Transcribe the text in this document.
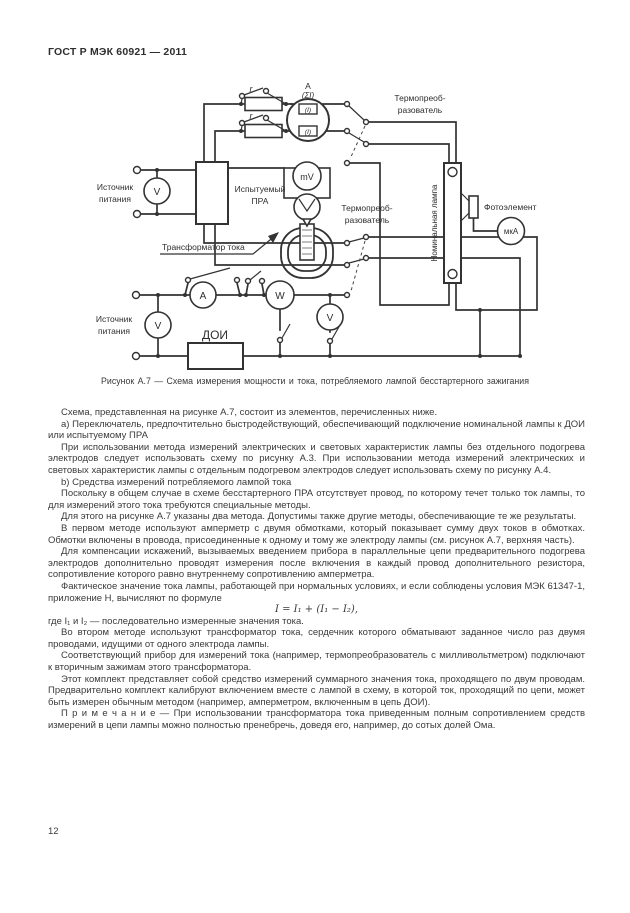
ГОСТ Р МЭК 60921 — 2011
Источник
питания
V	Испытуемый
ПРА
А
(ΣI)
(I)
(I)
r
r
Термопреоб-
разователь
Термопреоб-
разователь
mV
Номинальная лампа	Фотоэлемент
мкА
Трансформатор тока
Источник
питания V
A	W
V
ДОИ
Рисунок А.7 — Схема измерения мощности и тока, потребляемого лампой бесстартерного зажигания

Схема, представленная на рисунке А.7, состоит из элементов, перечисленных ниже.

а) Переключатель, предпочтительно быстродействующий, обеспечивающий подключение номинальной лампы к ДОИ или испытуемому ПРА

При использовании метода измерений электрических и световых характеристик лампы без отдельного подогрева электродов следует использовать схему по рисунку А.3. При использовании метода измерений электрических и световых характеристик лампы с отдельным подогревом электродов следует использовать схему по рисунку А.4.

b) Средства измерений потребляемого лампой тока

Поскольку в общем случае в схеме бесстартерного ПРА отсутствует провод, по которому течет только ток лампы, то для измерений этого тока требуются специальные методы.

Для этого на рисунке А.7 указаны два метода. Допустимы также другие методы, обеспечивающие те же результаты.

В первом методе используют амперметр с двумя обмотками, который показывает сумму двух токов в обмотках. Обмотки включены в провода, присоединенные к одному и тому же электроду лампы (см. рисунок А.7, верхняя часть).

Для компенсации искажений, вызываемых введением прибора в параллельные цепи предварительного подогрева электродов дополнительно проводят измерения после включения в каждый провод дополнительного резистора, сопротивление которого равно внутреннему сопротивлению амперметра.

Фактическое значение тока лампы, работающей при нормальных условиях, и если соблюдены условия МЭК 61347-1, приложение Н, вычисляют по формуле

I = I₁ + (I₁ − I₂),

где I₁ и I₂ — последовательно измеренные значения тока.

Во втором методе используют трансформатор тока, сердечник которого обматывают заданное число раз двумя проводами, идущими от одного электрода лампы.

Соответствующий прибор для измерений тока (например, термопреобразователь с милливольтметром) подключают к вторичным зажимам этого трансформатора.

Этот комплект представляет собой средство измерений суммарного значения тока, проходящего по двум проводам. Предварительно комплект калибруют включением вместе с лампой в схему, в которой ток, проходящий по цепи, может быть измерен обычным методом (например, амперметром, включенным в цепь ДОИ).

П р и м е ч а н и е — При использовании трансформатора тока приведенным полным сопротивлением средств измерений в цепи лампы можно полностью пренебречь, доведя его, например, до сотых долей Ома.

12
